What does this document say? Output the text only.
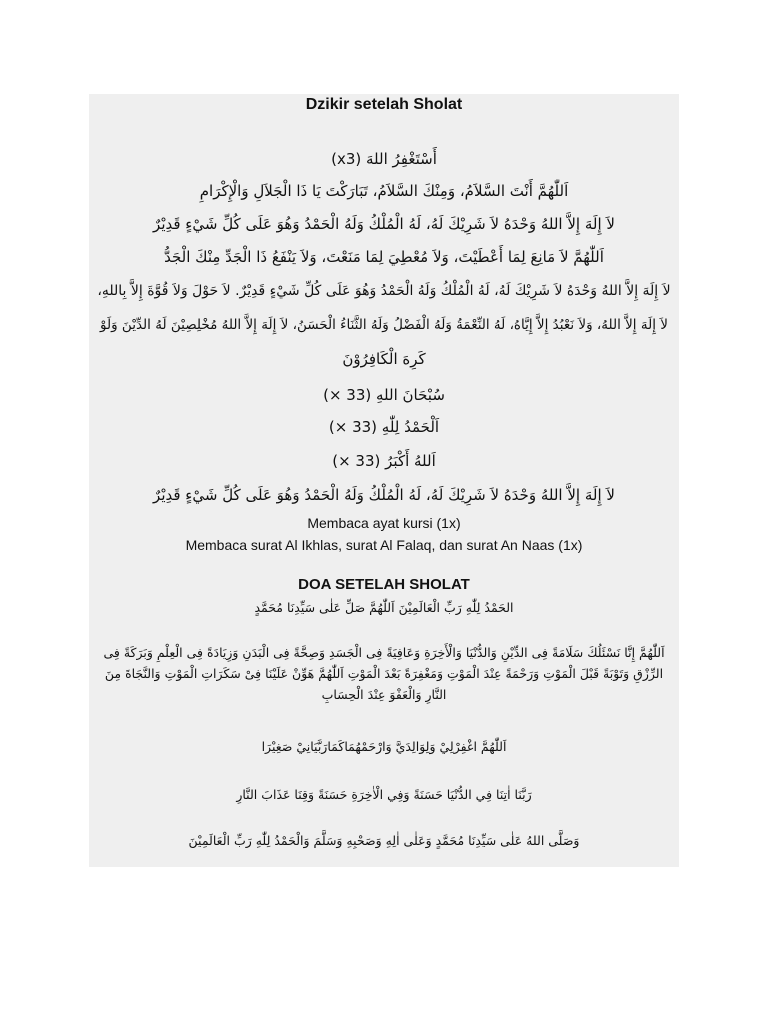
Dzikir setelah Sholat
أَسْتَغْفِرُ اللهَ (x3)
اَللّٰهُمَّ أَنْتَ السَّلاَمُ، وَمِنْكَ السَّلاَمُ، تَبَارَكْتَ يَا ذَا الْجَلاَلِ وَالْإِكْرَامِ
لاَ إِلَهَ إِلاَّ اللهُ وَحْدَهُ لاَ شَرِيْكَ لَهُ، لَهُ الْمُلْكُ وَلَهُ الْحَمْدُ وَهُوَ عَلَى كُلِّ شَيْءٍ قَدِيْرٌ
اَللّٰهُمَّ لاَ مَانِعَ لِمَا أَعْطَيْتَ، وَلاَ مُعْطِيَ لِمَا مَنَعْتَ، وَلاَ يَنْفَعُ ذَا الْجَدِّ مِنْكَ الْجَدُّ
لاَ إِلَهَ إِلاَّ اللهُ وَحْدَهُ لاَ شَرِيْكَ لَهُ، لَهُ الْمُلْكُ وَلَهُ الْحَمْدُ وَهُوَ عَلَى كُلِّ شَيْءٍ قَدِيْرٌ. لاَ حَوْلَ وَلاَ قُوَّةَ إِلاَّ بِاللهِ،
لاَ إِلَهَ إِلاَّ اللهُ، وَلاَ نَعْبُدُ إِلاَّ إِيَّاهُ، لَهُ النِّعْمَةُ وَلَهُ الْفَضْلُ وَلَهُ الثَّنَاءُ الْحَسَنُ، لاَ إِلَهَ إِلاَّ اللهُ مُخْلِصِيْنَ لَهُ الدِّيْنَ وَلَوْ
كَرِهَ الْكَافِرُوْنَ
سُبْحَانَ اللهِ (33 ×)
اَلْحَمْدُ لِلّٰهِ (33 ×)
اَللهُ أَكْبَرُ (33 ×)
لاَ إِلَهَ إِلاَّ اللهُ وَحْدَهُ لاَ شَرِيْكَ لَهُ، لَهُ الْمُلْكُ وَلَهُ الْحَمْدُ وَهُوَ عَلَى كُلِّ شَيْءٍ قَدِيْرٌ
Membaca ayat kursi (1x)
Membaca surat Al Ikhlas, surat Al Falaq, dan surat An Naas (1x)
DOA SETELAH SHOLAT
الحَمْدُ لِلّٰهِ رَبِّ الْعَالَمِيْنَ اَللّٰهُمَّ صَلِّ عَلٰى سَيِّدِنَا مُحَمَّدٍ
اَللّٰهُمَّ إِنَّا نَسْئَلُكَ سَلَامَةً فِى الدِّيْنِ وَالدُّنْيَا وَالْأَخِرَةِ وَعَافِيَةً فِى الْجَسَدِ وَصِحَّةً فِى الْبَدَنِ وَزِيَادَةً فِى الْعِلْمِ وَبَرَكَةً فِى الرِّزْقِ وَتَوْبَةً قَبْلَ الْمَوْتِ وَرَحْمَةً عِنْدَ الْمَوْتِ وَمَغْفِرَةً بَعْدَ الْمَوْتِ اَللّٰهُمَّ هَوِّنْ عَلَيْنَا فِىْ سَكَرَاتِ الْمَوْتِ وَالنَّجَاةَ مِنَ النَّارِ وَالْعَفْوَ عِنْدَ الْحِسَابِ
اَللّٰهُمَّ اغْفِرْلِيْ وَلِوَالِدَيَّ وَارْحَمْهُمَاكَمَارَبَّيَانِيْ صَغِيْرَا
رَبَّنَا اٰتِنَا فِي الدُّنْيَا حَسَنَةً وَفِي الْاٰخِرَةِ حَسَنَةً وَقِنَا عَذَابَ النَّارِ
وَصَلَّى اللهُ عَلٰى سَيِّدِنَا مُحَمَّدٍ وَعَلٰى اٰلِهِ وَصَحْبِهِ وَسَلَّمَ وَالْحَمْدُ لِلّٰهِ رَبِّ الْعَالَمِيْنَ
